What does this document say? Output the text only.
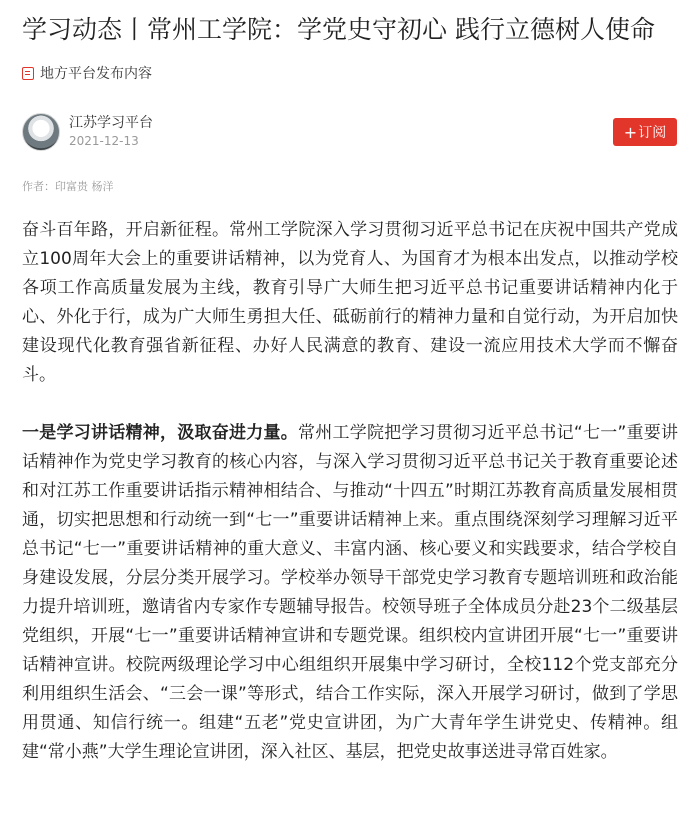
学习动态丨常州工学院：学党史守初心 践行立德树人使命
地方平台发布内容
江苏学习平台
2021-12-13	+ 订阅
作者：印富贵 杨洋

奋斗百年路，开启新征程。常州工学院深入学习贯彻习近平总书记在庆祝中国共产党成立100周年大会上的重要讲话精神，以为党育人、为国育才为根本出发点，以推动学校各项工作高质量发展为主线，教育引导广大师生把习近平总书记重要讲话精神内化于心、外化于行，成为广大师生勇担大任、砥砺前行的精神力量和自觉行动，为开启加快建设现代化教育强省新征程、办好人民满意的教育、建设一流应用技术大学而不懈奋斗。

一是学习讲话精神，汲取奋进力量。常州工学院把学习贯彻习近平总书记“七一”重要讲话精神作为党史学习教育的核心内容，与深入学习贯彻习近平总书记关于教育重要论述和对江苏工作重要讲话指示精神相结合、与推动“十四五”时期江苏教育高质量发展相贯通，切实把思想和行动统一到“七一”重要讲话精神上来。重点围绕深刻学习理解习近平总书记“七一”重要讲话精神的重大意义、丰富内涵、核心要义和实践要求，结合学校自身建设发展，分层分类开展学习。学校举办领导干部党史学习教育专题培训班和政治能力提升培训班，邀请省内专家作专题辅导报告。校领导班子全体成员分赴23个二级基层党组织，开展“七一”重要讲话精神宣讲和专题党课。组织校内宣讲团开展“七一”重要讲话精神宣讲。校院两级理论学习中心组组织开展集中学习研讨，全校112个党支部充分利用组织生活会、“三会一课”等形式，结合工作实际，深入开展学习研讨，做到了学思用贯通、知信行统一。组建“五老”党史宣讲团，为广大青年学生讲党史、传精神。组建“常小燕”大学生理论宣讲团，深入社区、基层，把党史故事送进寻常百姓家。
